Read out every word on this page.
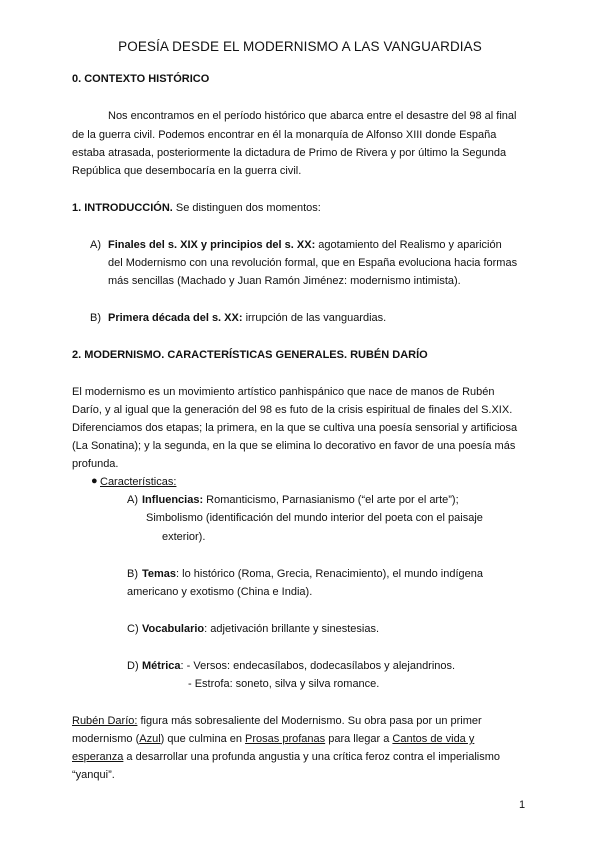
POESÍA DESDE EL MODERNISMO A LAS VANGUARDIAS
0. CONTEXTO HISTÓRICO
Nos encontramos en el período histórico que abarca entre el desastre del 98 al final
de la guerra civil. Podemos encontrar en él la monarquía de Alfonso XIII donde España
estaba atrasada, posteriormente la dictadura de Primo de Rivera y por último la Segunda
República que desembocaría en la guerra civil.
1. INTRODUCCIÓN. Se distinguen dos momentos:
A) Finales del s. XIX y principios del s. XX: agotamiento del Realismo y aparición
del Modernismo con una revolución formal, que en España evoluciona hacia formas
más sencillas (Machado y Juan Ramón Jiménez: modernismo intimista).
B) Primera década del s. XX: irrupción de las vanguardias.
2. MODERNISMO. CARACTERÍSTICAS GENERALES. RUBÉN DARÍO
El modernismo es un movimiento artístico panhispánico que nace de manos de Rubén
Darío, y al igual que la generación del 98 es futo de la crisis espiritual de finales del S.XIX.
Diferenciamos dos etapas; la primera, en la que se cultiva una poesía sensorial y artificiosa
(La Sonatina); y la segunda, en la que se elimina lo decorativo en favor de una poesía más
profunda.
● Características:
A) Influencias: Romanticismo, Parnasianismo (“el arte por el arte”);
Simbolismo (identificación del mundo interior del poeta con el paisaje
exterior).
B) Temas: lo histórico (Roma, Grecia, Renacimiento), el mundo indígena
americano y exotismo (China e India).
C) Vocabulario: adjetivación brillante y sinestesias.
D) Métrica: - Versos: endecasílabos, dodecasílabos y alejandrinos.
- Estrofa: soneto, silva y silva romance.
Rubén Darío: figura más sobresaliente del Modernismo. Su obra pasa por un primer
modernismo (Azul) que culmina en Prosas profanas para llegar a Cantos de vida y
esperanza a desarrollar una profunda angustia y una crítica feroz contra el imperialismo
“yanqui”.
1
